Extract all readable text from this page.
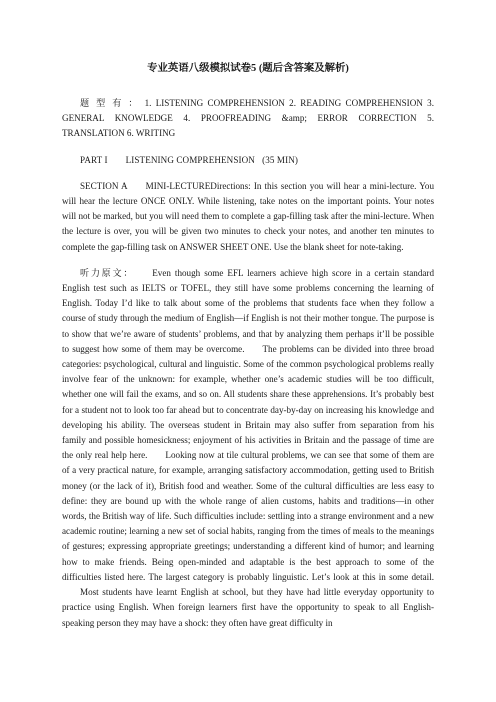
专业英语八级模拟试卷5 (题后含答案及解析)

题型有：1. LISTENING COMPREHENSION 2. READING COMPREHENSION 3. GENERAL KNOWLEDGE 4. PROOFREADING &amp; ERROR CORRECTION 5. TRANSLATION 6. WRITING

PART I LISTENING COMPREHENSION (35 MIN)

SECTION A MINI-LECTUREDirections: In this section you will hear a mini-lecture. You will hear the lecture ONCE ONLY. While listening, take notes on the important points. Your notes will not be marked, but you will need them to complete a gap-filling task after the mini-lecture. When the lecture is over, you will be given two minutes to check your notes, and another ten minutes to complete the gap-filling task on ANSWER SHEET ONE. Use the blank sheet for note-taking.

听力原文： Even though some EFL learners achieve high score in a certain standard English test such as IELTS or TOFEL, they still have some problems concerning the learning of English. Today I’d like to talk about some of the problems that students face when they follow a course of study through the medium of English—if English is not their mother tongue. The purpose is to show that we’re aware of students’ problems, and that by analyzing them perhaps it’ll be possible to suggest how some of them may be overcome. The problems can be divided into three broad categories: psychological, cultural and linguistic. Some of the common psychological problems really involve fear of the unknown: for example, whether one’s academic studies will be too difficult, whether one will fail the exams, and so on. All students share these apprehensions. It’s probably best for a student not to look too far ahead but to concentrate day-by-day on increasing his knowledge and developing his ability. The overseas student in Britain may also suffer from separation from his family and possible homesickness; enjoyment of his activities in Britain and the passage of time are the only real help here. Looking now at tile cultural problems, we can see that some of them are of a very practical nature, for example, arranging satisfactory accommodation, getting used to British money (or the lack of it), British food and weather. Some of the cultural difficulties are less easy to define: they are bound up with the whole range of alien customs, habits and traditions—in other words, the British way of life. Such difficulties include: settling into a strange environment and a new academic routine; learning a new set of social habits, ranging from the times of meals to the meanings of gestures; expressing appropriate greetings; understanding a different kind of humor; and learning how to make friends. Being open-minded and adaptable is the best approach to some of the difficulties listed here. The largest category is probably linguistic. Let’s look at this in some detail.Most students have learnt English at school, but they have had little everyday opportunity to practice using English. When foreign learners first have the opportunity to speak to all English-speaking person they may have a shock: they often have great difficulty in
